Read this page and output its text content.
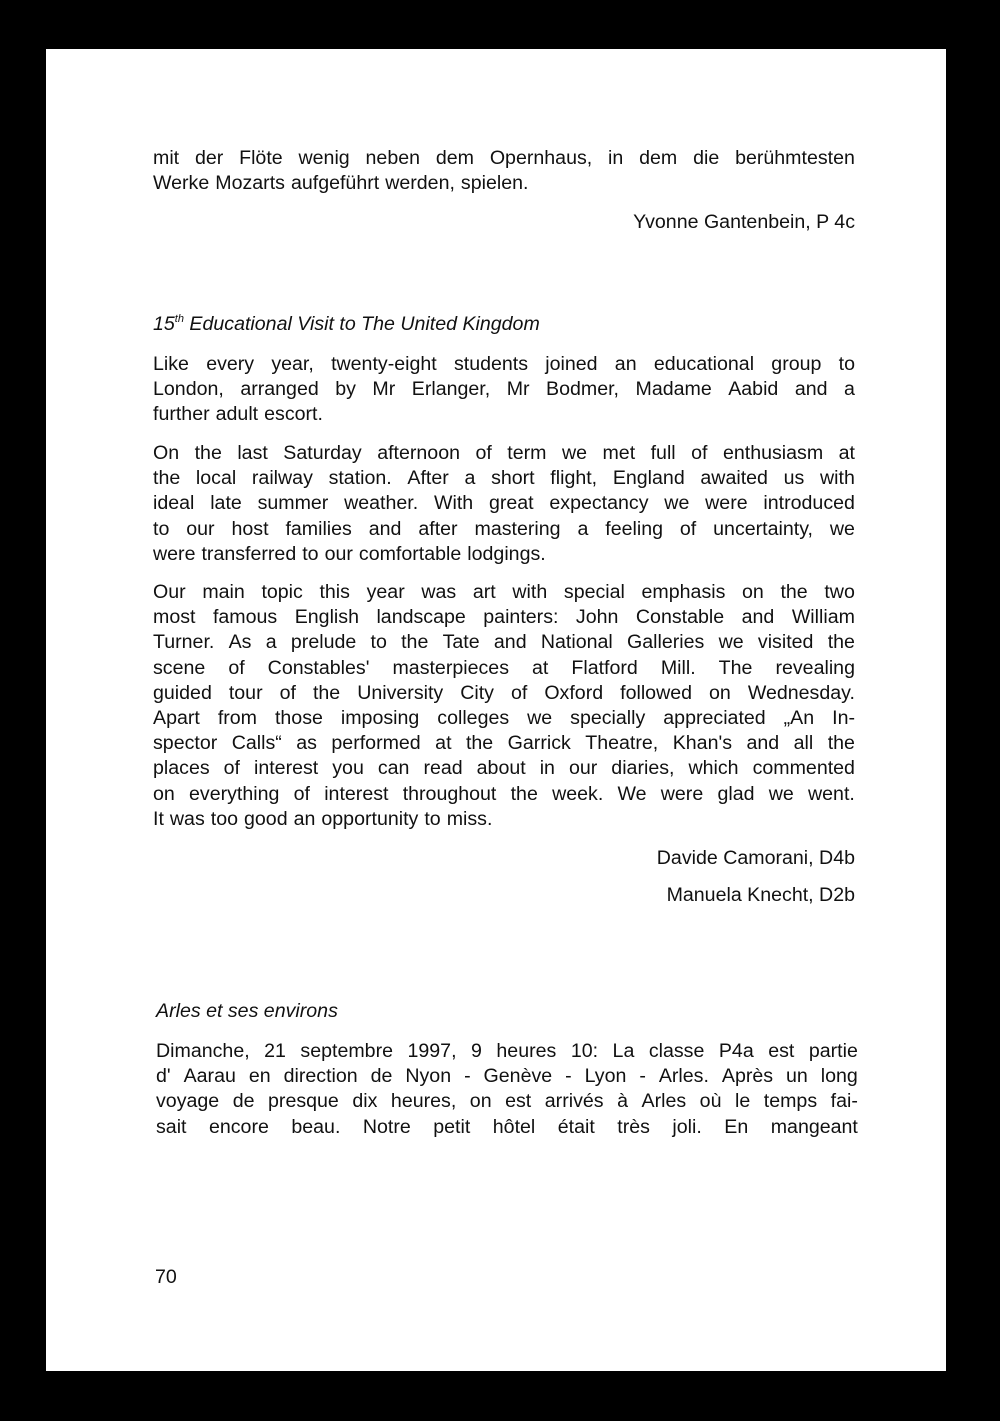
mit der Flöte wenig neben dem Opernhaus, in dem die berühmtesten
Werke Mozarts aufgeführt werden, spielen.
Yvonne Gantenbein, P 4c
15th Educational Visit to The United Kingdom
Like every year, twenty-eight students joined an educational group to
London, arranged by Mr Erlanger, Mr Bodmer, Madame Aabid and a
further adult escort.
On the last Saturday afternoon of term we met full of enthusiasm at
the local railway station. After a short flight, England awaited us with
ideal late summer weather. With great expectancy we were introduced
to our host families and after mastering a feeling of uncertainty, we
were transferred to our comfortable lodgings.
Our main topic this year was art with special emphasis on the two
most famous English landscape painters: John Constable and William
Turner. As a prelude to the Tate and National Galleries we visited the
scene of Constables' masterpieces at Flatford Mill. The revealing
guided tour of the University City of Oxford followed on Wednesday.
Apart from those imposing colleges we specially appreciated „An In-
spector Calls“ as performed at the Garrick Theatre, Khan's and all the
places of interest you can read about in our diaries, which commented
on everything of interest throughout the week. We were glad we went.
It was too good an opportunity to miss.
Davide Camorani, D4b
Manuela Knecht, D2b
Arles et ses environs
Dimanche, 21 septembre 1997, 9 heures 10: La classe P4a est partie
d' Aarau en direction de Nyon - Genève - Lyon - Arles. Après un long
voyage de presque dix heures, on est arrivés à Arles où le temps fai-
sait encore beau. Notre petit hôtel était très joli. En mangeant
70
